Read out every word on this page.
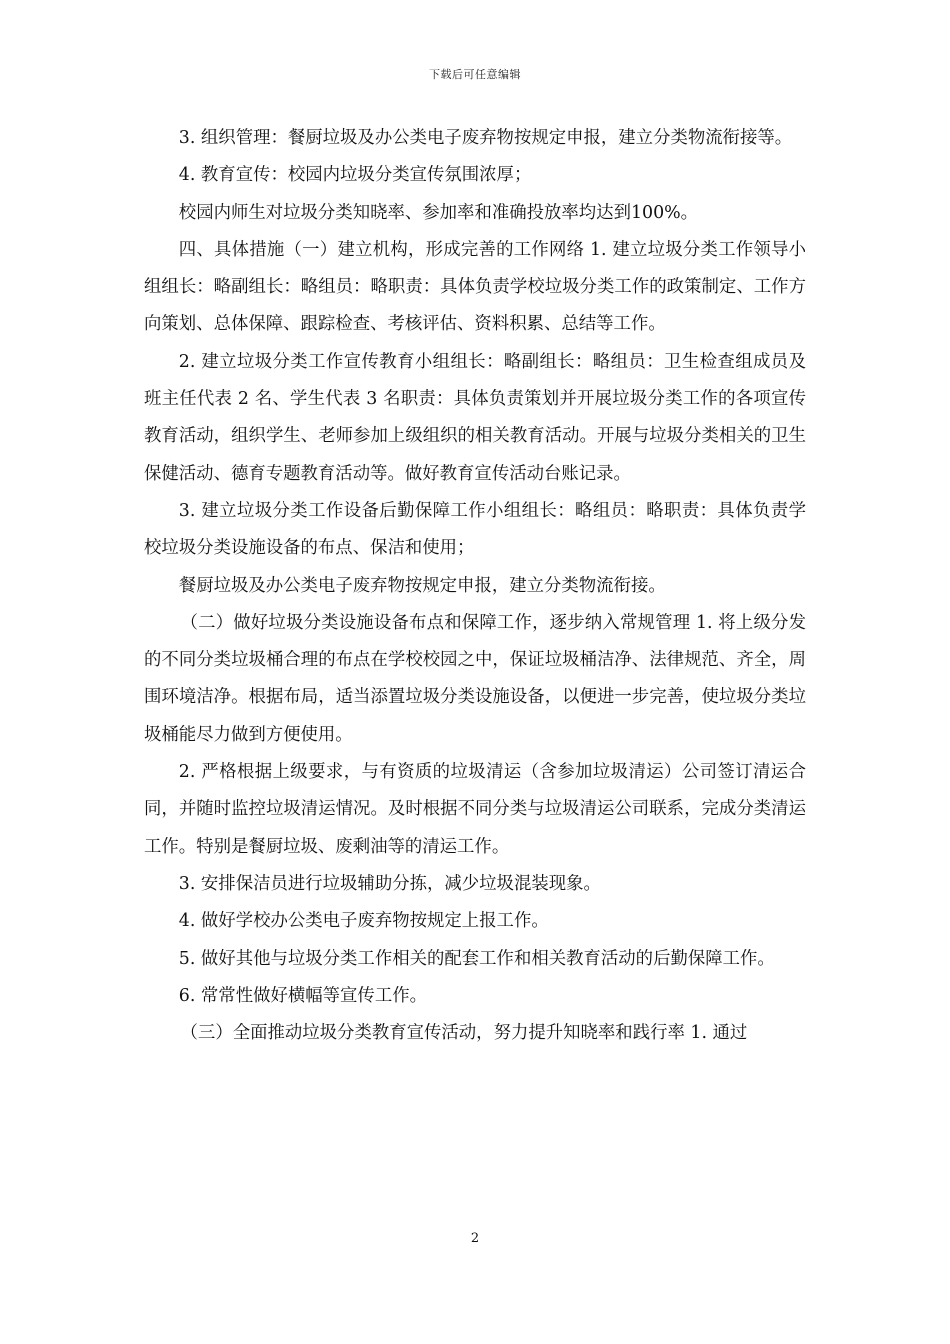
下载后可任意编辑

3. 组织管理：餐厨垃圾及办公类电子废弃物按规定申报，建立分类物流衔接等。

4. 教育宣传：校园内垃圾分类宣传氛围浓厚；

校园内师生对垃圾分类知晓率、参加率和准确投放率均达到100%。

四、具体措施（一）建立机构，形成完善的工作网络 1. 建立垃圾分类工作领导小组组长：略副组长：略组员：略职责：具体负责学校垃圾分类工作的政策制定、工作方向策划、总体保障、跟踪检查、考核评估、资料积累、总结等工作。

2. 建立垃圾分类工作宣传教育小组组长：略副组长：略组员：卫生检查组成员及班主任代表 2 名、学生代表 3 名职责：具体负责策划并开展垃圾分类工作的各项宣传教育活动，组织学生、老师参加上级组织的相关教育活动。开展与垃圾分类相关的卫生保健活动、德育专题教育活动等。做好教育宣传活动台账记录。

3. 建立垃圾分类工作设备后勤保障工作小组组长：略组员：略职责：具体负责学校垃圾分类设施设备的布点、保洁和使用；

餐厨垃圾及办公类电子废弃物按规定申报，建立分类物流衔接。

（二）做好垃圾分类设施设备布点和保障工作，逐步纳入常规管理 1. 将上级分发的不同分类垃圾桶合理的布点在学校校园之中，保证垃圾桶洁净、法律规范、齐全，周围环境洁净。根据布局，适当添置垃圾分类设施设备，以便进一步完善，使垃圾分类垃圾桶能尽力做到方便使用。

2. 严格根据上级要求，与有资质的垃圾清运（含参加垃圾清运）公司签订清运合同，并随时监控垃圾清运情况。及时根据不同分类与垃圾清运公司联系，完成分类清运工作。特别是餐厨垃圾、废剩油等的清运工作。

3. 安排保洁员进行垃圾辅助分拣，减少垃圾混装现象。

4. 做好学校办公类电子废弃物按规定上报工作。

5. 做好其他与垃圾分类工作相关的配套工作和相关教育活动的后勤保障工作。

6. 常常性做好横幅等宣传工作。

（三）全面推动垃圾分类教育宣传活动，努力提升知晓率和践行率 1. 通过

2
